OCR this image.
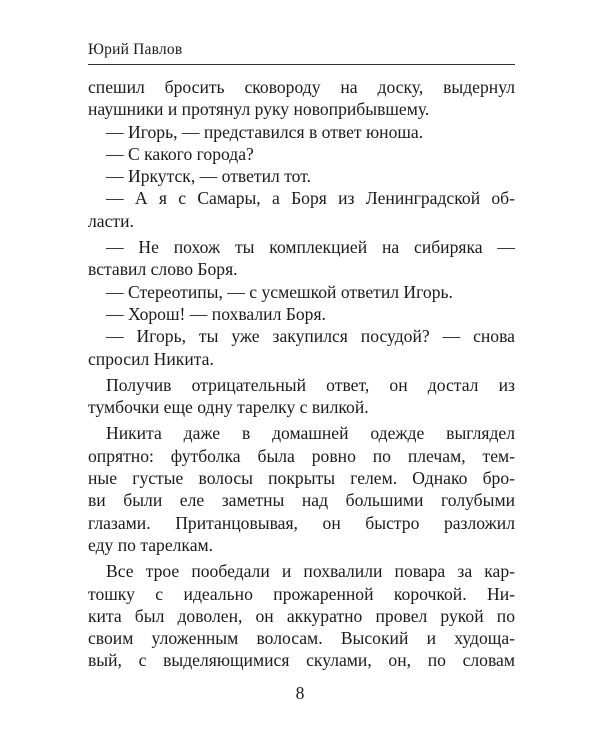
Юрий Павлов
спешил бросить сковороду на доску, выдернул
наушники и протянул руку новоприбывшему.
— Игорь, — представился в ответ юноша.
— С какого города?
— Иркутск, — ответил тот.
— А я с Самары, а Боря из Ленинградской об-
ласти.
— Не похож ты комплекцией на сибиряка —
вставил слово Боря.
— Стереотипы, — с усмешкой ответил Игорь.
— Хорош! — похвалил Боря.
— Игорь, ты уже закупился посудой? — снова
спросил Никита.
Получив отрицательный ответ, он достал из
тумбочки еще одну тарелку с вилкой.
Никита даже в домашней одежде выглядел
опрятно: футболка была ровно по плечам, тем-
ные густые волосы покрыты гелем. Однако бро-
ви были еле заметны над большими голубыми
глазами. Пританцовывая, он быстро разложил
еду по тарелкам.
Все трое пообедали и похвалили повара за кар-
тошку с идеально прожаренной корочкой. Ни-
кита был доволен, он аккуратно провел рукой по
своим уложенным волосам. Высокий и худоща-
вый, с выделяющимися скулами, он, по словам
8
